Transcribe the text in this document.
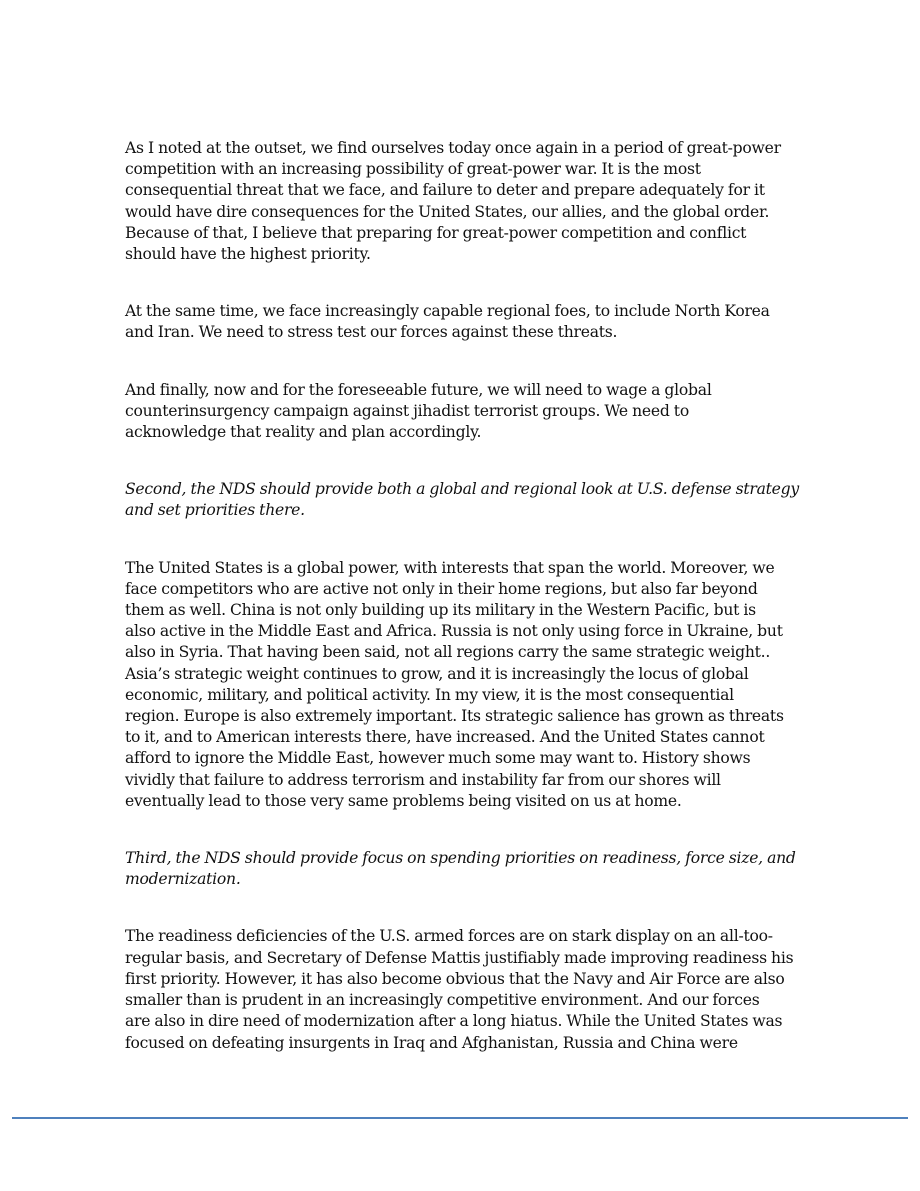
As I noted at the outset, we find ourselves today once again in a period of great-power
competition with an increasing possibility of great-power war. It is the most
consequential threat that we face, and failure to deter and prepare adequately for it
would have dire consequences for the United States, our allies, and the global order.
Because of that, I believe that preparing for great-power competition and conflict
should have the highest priority.

At the same time, we face increasingly capable regional foes, to include North Korea
and Iran. We need to stress test our forces against these threats.

And finally, now and for the foreseeable future, we will need to wage a global
counterinsurgency campaign against jihadist terrorist groups. We need to
acknowledge that reality and plan accordingly.

Second, the NDS should provide both a global and regional look at U.S. defense strategy
and set priorities there.

The United States is a global power, with interests that span the world. Moreover, we
face competitors who are active not only in their home regions, but also far beyond
them as well. China is not only building up its military in the Western Pacific, but is
also active in the Middle East and Africa. Russia is not only using force in Ukraine, but
also in Syria. That having been said, not all regions carry the same strategic weight..
Asia’s strategic weight continues to grow, and it is increasingly the locus of global
economic, military, and political activity. In my view, it is the most consequential
region. Europe is also extremely important. Its strategic salience has grown as threats
to it, and to American interests there, have increased. And the United States cannot
afford to ignore the Middle East, however much some may want to. History shows
vividly that failure to address terrorism and instability far from our shores will
eventually lead to those very same problems being visited on us at home.

Third, the NDS should provide focus on spending priorities on readiness, force size, and
modernization.

The readiness deficiencies of the U.S. armed forces are on stark display on an all-too-
regular basis, and Secretary of Defense Mattis justifiably made improving readiness his
first priority. However, it has also become obvious that the Navy and Air Force are also
smaller than is prudent in an increasingly competitive environment. And our forces
are also in dire need of modernization after a long hiatus. While the United States was
focused on defeating insurgents in Iraq and Afghanistan, Russia and China were
